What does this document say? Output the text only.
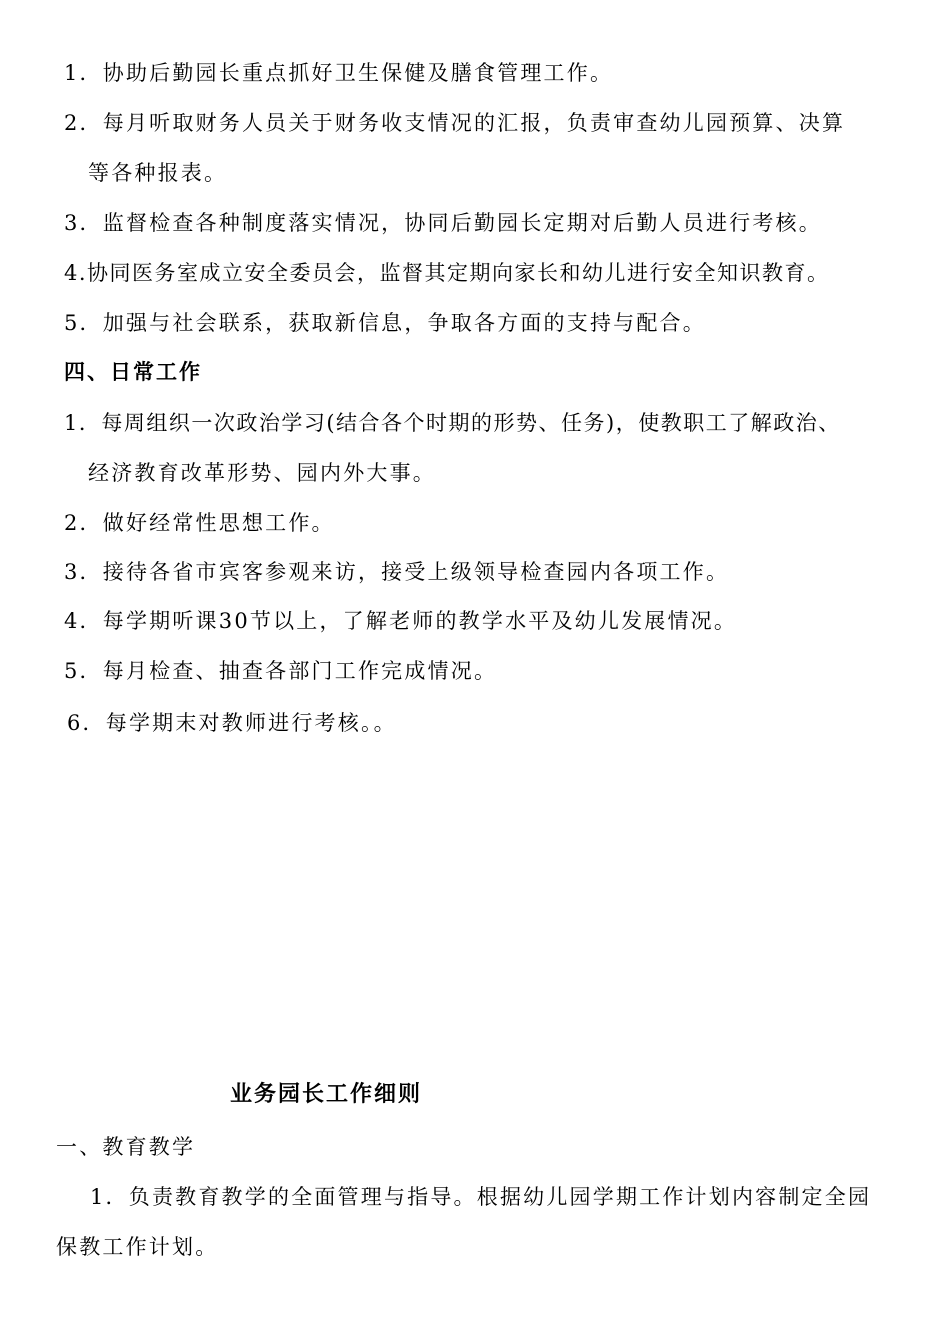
1．协助后勤园长重点抓好卫生保健及膳食管理工作。
2．每月听取财务人员关于财务收支情况的汇报，负责审查幼儿园预算、决算
等各种报表。
3．监督检查各种制度落实情况，协同后勤园长定期对后勤人员进行考核。
4.协同医务室成立安全委员会，监督其定期向家长和幼儿进行安全知识教育。
5．加强与社会联系，获取新信息，争取各方面的支持与配合。
四、日常工作
1．每周组织一次政治学习(结合各个时期的形势、任务)，使教职工了解政治、
经济教育改革形势、园内外大事。
2．做好经常性思想工作。
3．接待各省市宾客参观来访，接受上级领导检查园内各项工作。
4．每学期听课30节以上，了解老师的教学水平及幼儿发展情况。
5．每月检查、抽查各部门工作完成情况。
6．每学期末对教师进行考核。。
业务园长工作细则
一、教育教学
1．负责教育教学的全面管理与指导。根据幼儿园学期工作计划内容制定全园
保教工作计划。
